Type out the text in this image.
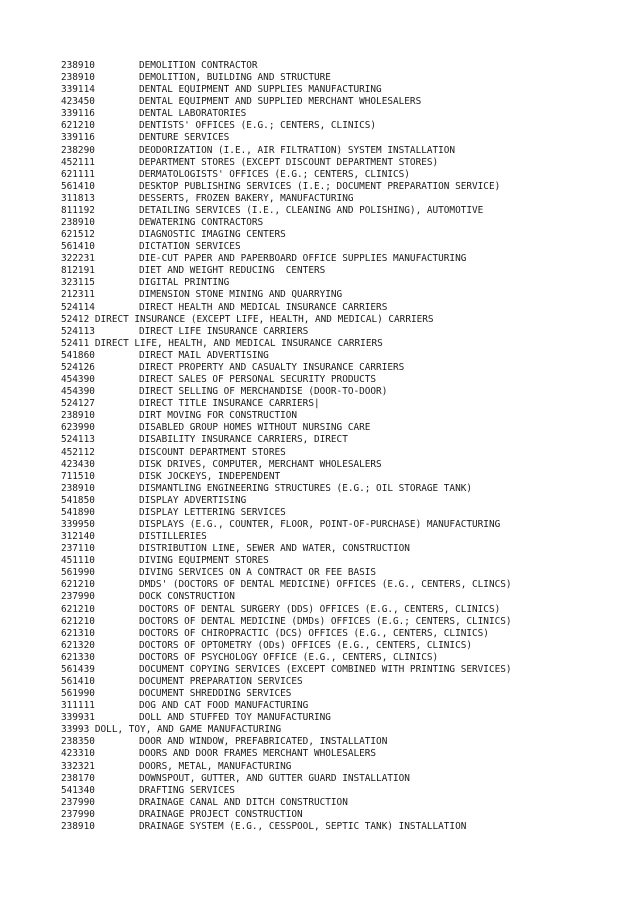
238910	DEMOLITION CONTRACTOR
238910	DEMOLITION, BUILDING AND STRUCTURE
339114	DENTAL EQUIPMENT AND SUPPLIES MANUFACTURING
423450	DENTAL EQUIPMENT AND SUPPLIED MERCHANT WHOLESALERS
339116	DENTAL LABORATORIES
621210	DENTISTS' OFFICES (E.G.; CENTERS, CLINICS)
339116	DENTURE SERVICES
238290	DEODORIZATION (I.E., AIR FILTRATION) SYSTEM INSTALLATION
452111	DEPARTMENT STORES (EXCEPT DISCOUNT DEPARTMENT STORES)
621111	DERMATOLOGISTS' OFFICES (E.G.; CENTERS, CLINICS)
561410	DESKTOP PUBLISHING SERVICES (I.E.; DOCUMENT PREPARATION SERVICE)
311813	DESSERTS, FROZEN BAKERY, MANUFACTURING
811192	DETAILING SERVICES (I.E., CLEANING AND POLISHING), AUTOMOTIVE
238910	DEWATERING CONTRACTORS
621512	DIAGNOSTIC IMAGING CENTERS
561410	DICTATION SERVICES
322231	DIE-CUT PAPER AND PAPERBOARD OFFICE SUPPLIES MANUFACTURING
812191	DIET AND WEIGHT REDUCING  CENTERS
323115	DIGITAL PRINTING
212311	DIMENSION STONE MINING AND QUARRYING
524114	DIRECT HEALTH AND MEDICAL INSURANCE CARRIERS
52412 DIRECT INSURANCE (EXCEPT LIFE, HEALTH, AND MEDICAL) CARRIERS
524113	DIRECT LIFE INSURANCE CARRIERS
52411 DIRECT LIFE, HEALTH, AND MEDICAL INSURANCE CARRIERS
541860	DIRECT MAIL ADVERTISING
524126	DIRECT PROPERTY AND CASUALTY INSURANCE CARRIERS
454390	DIRECT SALES OF PERSONAL SECURITY PRODUCTS
454390	DIRECT SELLING OF MERCHANDISE (DOOR-TO-DOOR)
524127	DIRECT TITLE INSURANCE CARRIERS|
238910	DIRT MOVING FOR CONSTRUCTION
623990	DISABLED GROUP HOMES WITHOUT NURSING CARE
524113	DISABILITY INSURANCE CARRIERS, DIRECT
452112	DISCOUNT DEPARTMENT STORES
423430	DISK DRIVES, COMPUTER, MERCHANT WHOLESALERS
711510	DISK JOCKEYS, INDEPENDENT
238910	DISMANTLING ENGINEERING STRUCTURES (E.G.; OIL STORAGE TANK)
541850	DISPLAY ADVERTISING
541890	DISPLAY LETTERING SERVICES
339950	DISPLAYS (E.G., COUNTER, FLOOR, POINT-OF-PURCHASE) MANUFACTURING
312140	DISTILLERIES
237110	DISTRIBUTION LINE, SEWER AND WATER, CONSTRUCTION
451110	DIVING EQUIPMENT STORES
561990	DIVING SERVICES ON A CONTRACT OR FEE BASIS
621210	DMDS' (DOCTORS OF DENTAL MEDICINE) OFFICES (E.G., CENTERS, CLINCS)
237990	DOCK CONSTRUCTION
621210	DOCTORS OF DENTAL SURGERY (DDS) OFFICES (E.G., CENTERS, CLINICS)
621210	DOCTORS OF DENTAL MEDICINE (DMDs) OFFICES (E.G.; CENTERS, CLINICS)
621310	DOCTORS OF CHIROPRACTIC (DCS) OFFICES (E.G., CENTERS, CLINICS)
621320	DOCTORS OF OPTOMETRY (ODs) OFFICES (E.G., CENTERS, CLINICS)
621330	DOCTORS OF PSYCHOLOGY OFFICE (E.G., CENTERS, CLINICS)
561439	DOCUMENT COPYING SERVICES (EXCEPT COMBINED WITH PRINTING SERVICES)
561410	DOCUMENT PREPARATION SERVICES
561990	DOCUMENT SHREDDING SERVICES
311111	DOG AND CAT FOOD MANUFACTURING
339931	DOLL AND STUFFED TOY MANUFACTURING
33993 DOLL, TOY, AND GAME MANUFACTURING
238350	DOOR AND WINDOW, PREFABRICATED, INSTALLATION
423310	DOORS AND DOOR FRAMES MERCHANT WHOLESALERS
332321	DOORS, METAL, MANUFACTURING
238170	DOWNSPOUT, GUTTER, AND GUTTER GUARD INSTALLATION
541340	DRAFTING SERVICES
237990	DRAINAGE CANAL AND DITCH CONSTRUCTION
237990	DRAINAGE PROJECT CONSTRUCTION
238910	DRAINAGE SYSTEM (E.G., CESSPOOL, SEPTIC TANK) INSTALLATION
